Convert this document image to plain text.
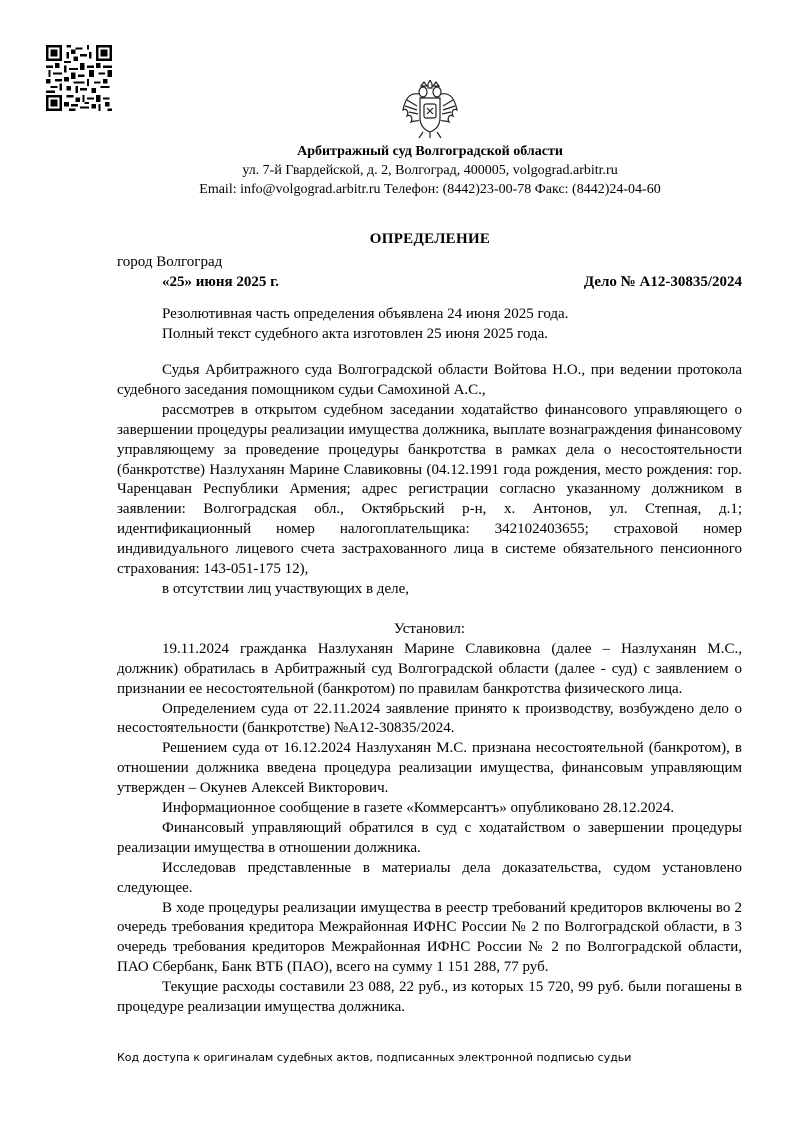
Арбитражный суд Волгоградской области
ул. 7-й Гвардейской, д. 2, Волгоград, 400005, volgograd.arbitr.ru
Email: info@volgograd.arbitr.ru Телефон: (8442)23-00-78 Факс: (8442)24-04-60
ОПРЕДЕЛЕНИЕ
город Волгоград
«25» июня 2025 г.	Дело № А12-30835/2024
Резолютивная часть определения объявлена 24 июня 2025 года.
Полный текст судебного акта изготовлен 25 июня 2025 года.

Судья Арбитражного суда Волгоградской области Войтова Н.О., при ведении протокола судебного заседания помощником судьи Самохиной А.С.,

рассмотрев в открытом судебном заседании ходатайство финансового управляющего о завершении процедуры реализации имущества должника, выплате вознаграждения финансовому управляющему за проведение процедуры банкротства в рамках дела о несостоятельности (банкротстве) Назлуханян Марине Славиковны (04.12.1991 года рождения, место рождения: гор. Чаренцаван Республики Армения; адрес регистрации согласно указанному должником в заявлении: Волгоградская обл., Октябрьский р-н, х. Антонов, ул. Степная, д.1; идентификационный номер налогоплательщика: 342102403655; страховой номер индивидуального лицевого счета застрахованного лица в системе обязательного пенсионного страхования: 143-051-175 12),

в отсутствии лиц участвующих в деле,

Установил:

19.11.2024 гражданка Назлуханян Марине Славиковна (далее – Назлуханян М.С., должник) обратилась в Арбитражный суд Волгоградской области (далее - суд) с заявлением о признании ее несостоятельной (банкротом) по правилам банкротства физического лица.

Определением суда от 22.11.2024 заявление принято к производству, возбуждено дело о несостоятельности (банкротстве) №А12-30835/2024.

Решением суда от 16.12.2024 Назлуханян М.С. признана несостоятельной (банкротом), в отношении должника введена процедура реализации имущества, финансовым управляющим утвержден – Окунев Алексей Викторович.

Информационное сообщение в газете «Коммерсантъ» опубликовано 28.12.2024.

Финансовый управляющий обратился в суд с ходатайством о завершении процедуры реализации имущества в отношении должника.

Исследовав представленные в материалы дела доказательства, судом установлено следующее.

В ходе процедуры реализации имущества в реестр требований кредиторов включены во 2 очередь требования кредитора Межрайонная ИФНС России № 2 по Волгоградской области, в 3 очередь требования кредиторов Межрайонная ИФНС России № 2 по Волгоградской области, ПАО Сбербанк, Банк ВТБ (ПАО), всего на сумму 1 151 288, 77 руб.

Текущие расходы составили 23 088, 22 руб., из которых 15 720, 99 руб. были погашены в процедуре реализации имущества должника.

Код доступа к оригиналам судебных актов, подписанных электронной подписью судьи
